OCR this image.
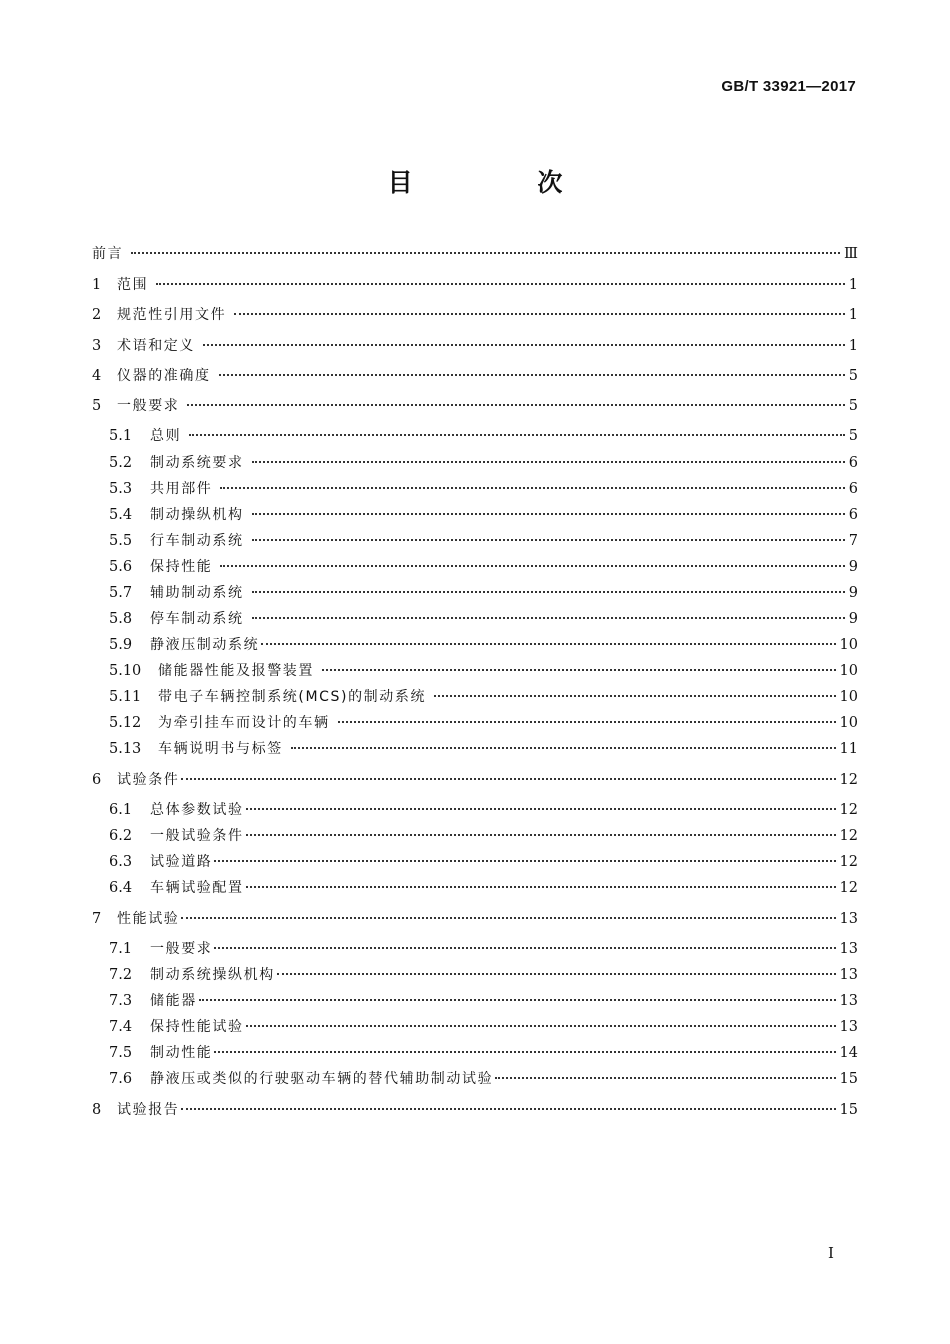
GB/T 33921—2017
目 次
前言	Ⅲ
1	范围	1
2	规范性引用文件	1
3	术语和定义	1
4	仪器的准确度	5
5	一般要求	5
5.1	总则	5
5.2	制动系统要求	6
5.3	共用部件	6
5.4	制动操纵机构	6
5.5	行车制动系统	7
5.6	保持性能	9
5.7	辅助制动系统	9
5.8	停车制动系统	9
5.9	静液压制动系统	10
5.10	储能器性能及报警装置	10
5.11	带电子车辆控制系统(MCS)的制动系统	10
5.12	为牵引挂车而设计的车辆	10
5.13	车辆说明书与标签	11
6	试验条件	12
6.1	总体参数试验	12
6.2	一般试验条件	12
6.3	试验道路	12
6.4	车辆试验配置	12
7	性能试验	13
7.1	一般要求	13
7.2	制动系统操纵机构	13
7.3	储能器	13
7.4	保持性能试验	13
7.5	制动性能	14
7.6	静液压或类似的行驶驱动车辆的替代辅助制动试验	15
8	试验报告	15
I
